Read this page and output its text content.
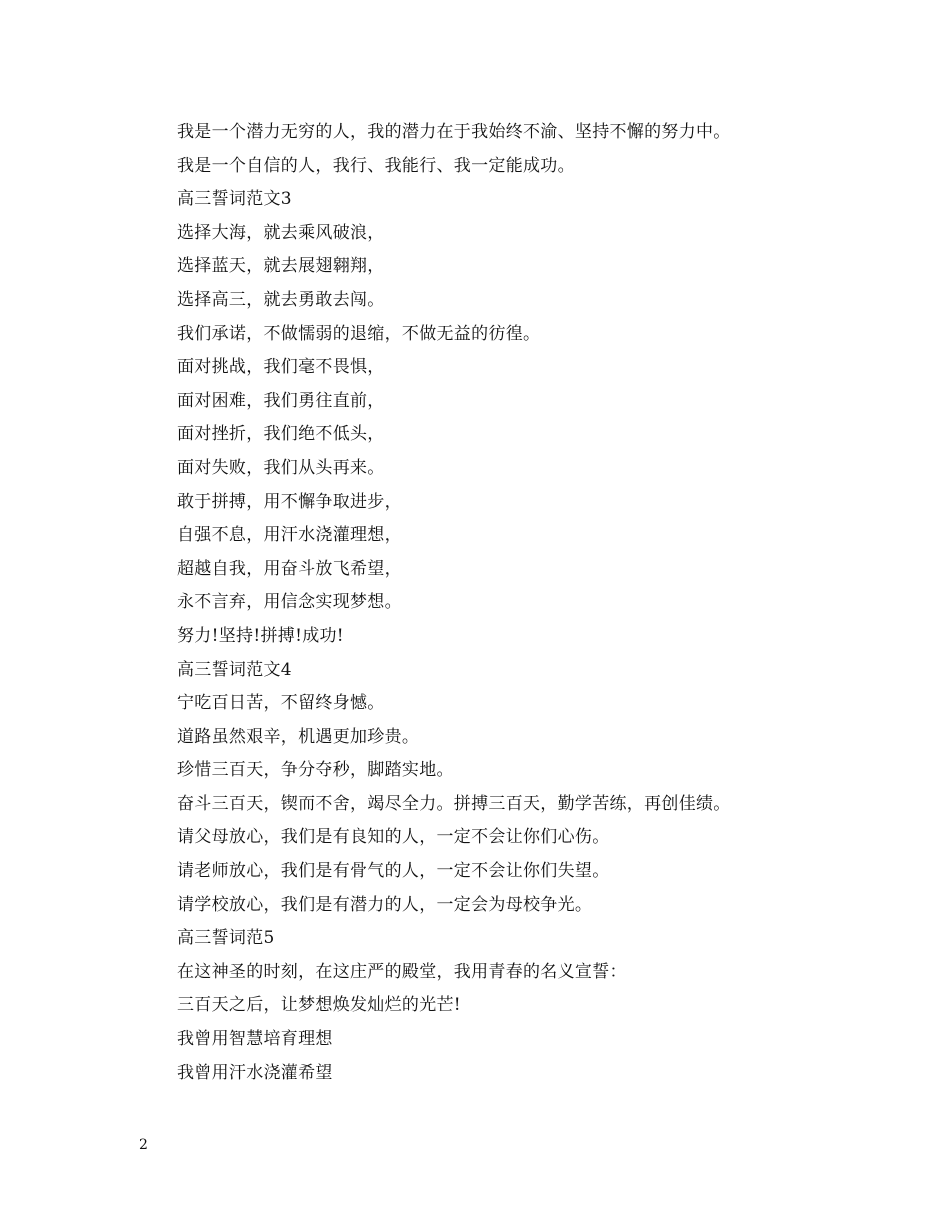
我是一个潜力无穷的人，我的潜力在于我始终不渝、坚持不懈的努力中。
我是一个自信的人，我行、我能行、我一定能成功。
高三誓词范文3
选择大海，就去乘风破浪，
选择蓝天，就去展翅翱翔，
选择高三，就去勇敢去闯。
我们承诺，不做懦弱的退缩，不做无益的彷徨。
面对挑战，我们毫不畏惧，
面对困难，我们勇往直前，
面对挫折，我们绝不低头，
面对失败，我们从头再来。
敢于拼搏，用不懈争取进步，
自强不息，用汗水浇灌理想，
超越自我，用奋斗放飞希望，
永不言弃，用信念实现梦想。
努力!坚持!拼搏!成功!
高三誓词范文4
宁吃百日苦，不留终身憾。
道路虽然艰辛，机遇更加珍贵。
珍惜三百天，争分夺秒，脚踏实地。
奋斗三百天，锲而不舍，竭尽全力。拼搏三百天，勤学苦练，再创佳绩。
请父母放心，我们是有良知的人，一定不会让你们心伤。
请老师放心，我们是有骨气的人，一定不会让你们失望。
请学校放心，我们是有潜力的人，一定会为母校争光。
高三誓词范5
在这神圣的时刻，在这庄严的殿堂，我用青春的名义宣誓：
三百天之后，让梦想焕发灿烂的光芒!
我曾用智慧培育理想
我曾用汗水浇灌希望
2
